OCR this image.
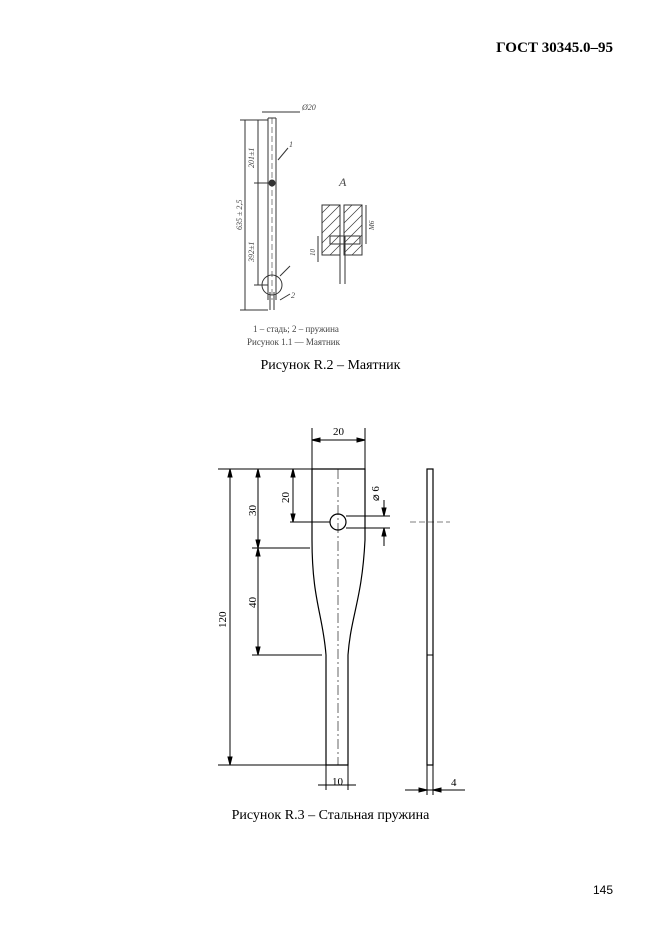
ГОСТ 30345.0–95
Ø20
201±1
635 ± 2,5
392±1
A
M6
10
1
2
1 – стадь; 2 – пружина
Рисунок 1.1 — Маятник
Рисунок R.2 – Маятник
20
20	⌀ 6
30
40
120
10	4
Рисунок R.3 – Стальная пружина
145
